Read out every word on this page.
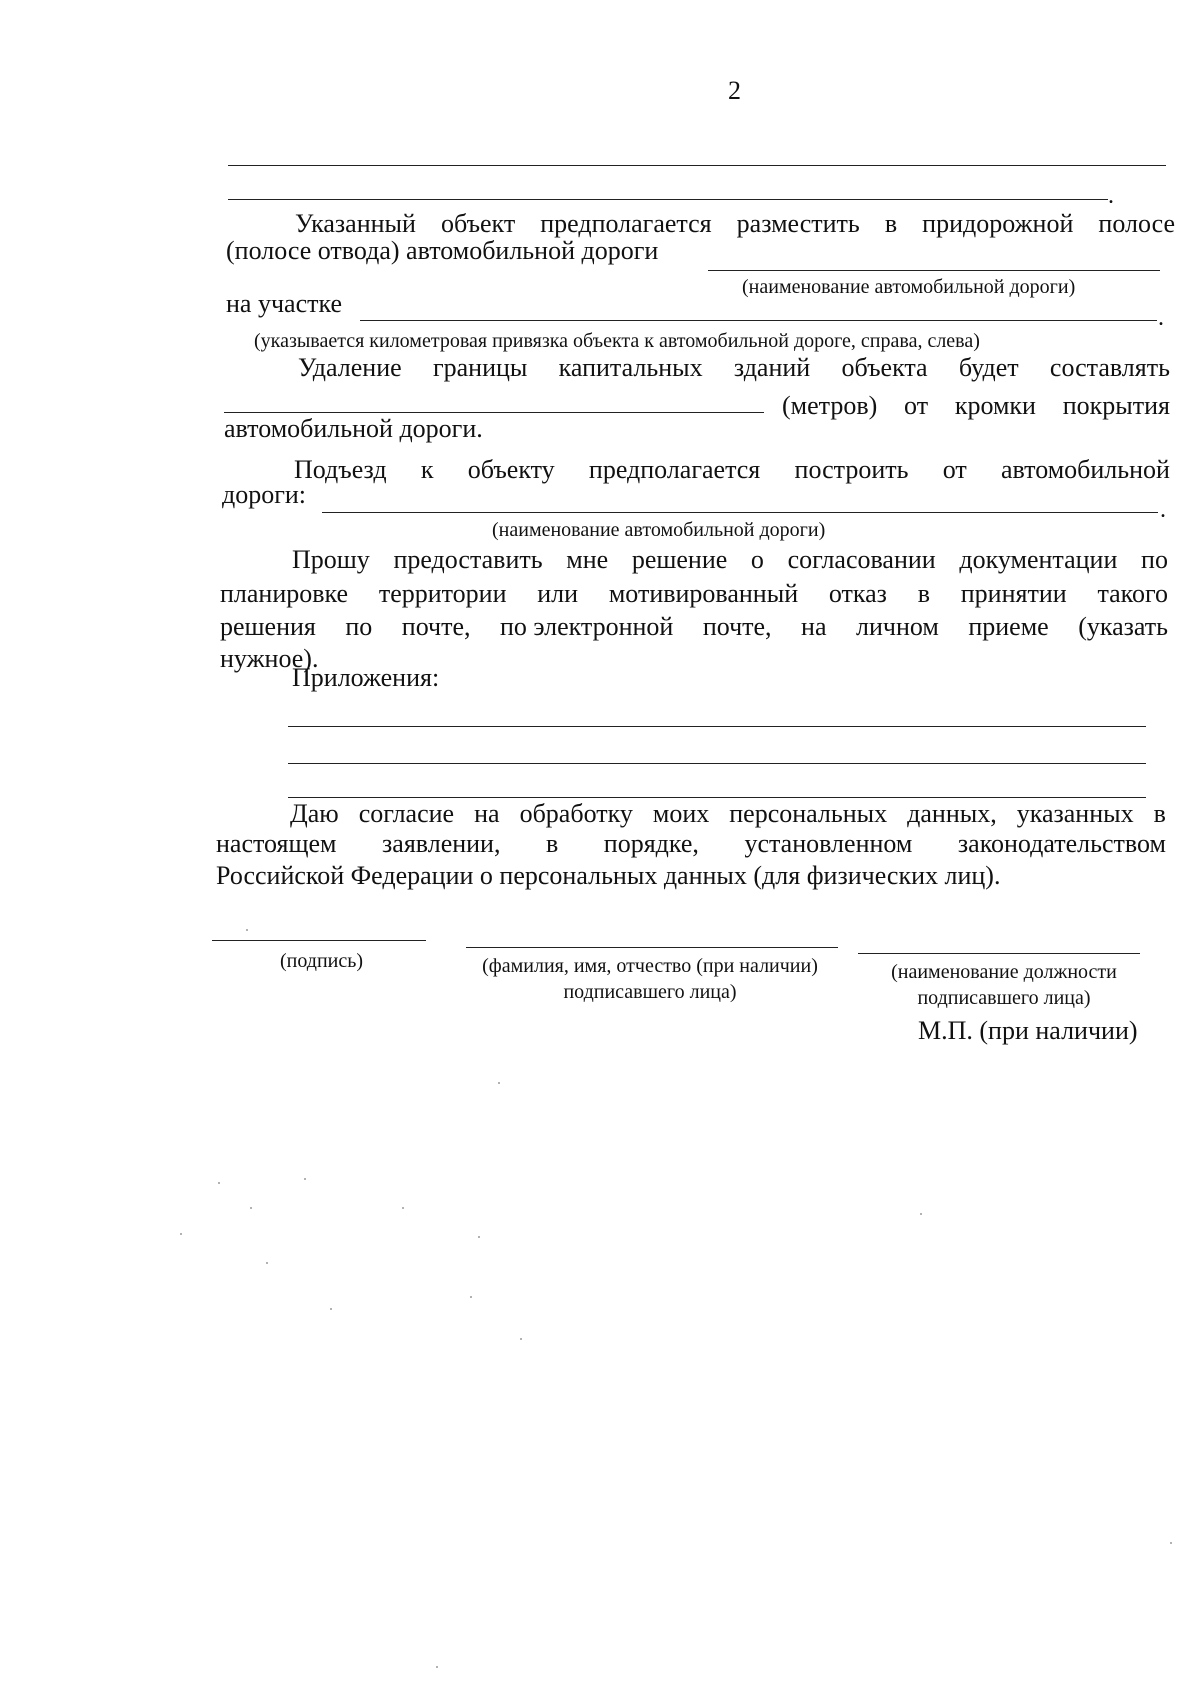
2
.
Указанный объект предполагается разместить в придорожной полосе
(полосе отвода) автомобильной дороги
(наименование автомобильной дороги)
на участке	.
(указывается километровая привязка объекта к автомобильной дороге, справа, слева)
Удаление границы капитальных зданий объекта будет составлять
(метров) от кромки покрытия
автомобильной дороги.
Подъезд к объекту предполагается построить от автомобильной
дороги:
.
(наименование автомобильной дороги)
Прошу предоставить мне решение о согласовании документации по
планировке территории или мотивированный отказ в принятии такого
решения по почте, по электронной почте, на личном приеме (указать
нужное).
Приложения:
Даю согласие на обработку моих персональных данных, указанных в
настоящем заявлении, в порядке, установленном законодательством
Российской Федерации о персональных данных (для физических лиц).
(подпись)	(фамилия, имя, отчество (при наличии) подписавшего лица)
(наименование должности подписавшего лица)
М.П. (при наличии)
